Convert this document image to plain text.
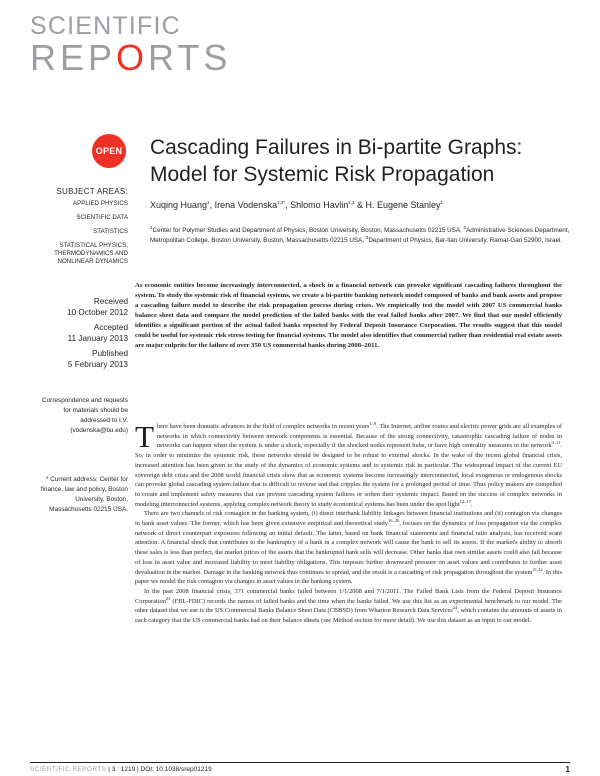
SCIENTIFIC
REPORTS
OPEN Cascading Failures in Bi-partite Graphs: Model for Systemic Risk Propagation
Xuqing Huang$^1$, Irena Vodenska$^{1,2*}$, Shlomo Havlin$^{1,3}$ & H. Eugene Stanley$^1$
$^1$Center for Polymer Studies and Department of Physics, Boston University, Boston, Massachusetts 02215 USA, $^2$Administrative Sciences Department, Metropolitan College, Boston University, Boston, Massachusetts 02215 USA, $^3$Department of Physics, Bar-Ilan University, Ramat-Gan 52900, Israel.
SUBJECT AREAS:
APPLIED PHYSICS
SCIENTIFIC DATA
STATISTICS
STATISTICAL PHYSICS, THERMODYNAMICS AND NONLINEAR DYNAMICS
Received
10 October 2012
Accepted
11 January 2013
Published
5 February 2013
Correspondence and requests for materials should be addressed to I.V. (vodenska@bu.edu)
* Current address: Center for finance, law and policy, Boston University, Boston, Massachusetts 02215 USA.

As economic entities become increasingly interconnected, a shock in a financial network can provoke significant cascading failures throughout the system. To study the systemic risk of financial systems, we create a bi-partite banking network model composed of banks and bank assets and propose a cascading failure model to describe the risk propagation process during crises. We empirically test the model with 2007 US commercial banks balance sheet data and compare the model prediction of the failed banks with the real failed banks after 2007. We find that our model efficiently identifies a significant portion of the actual failed banks reported by Federal Deposit Insurance Corporation. The results suggest that this model could be useful for systemic risk stress testing for financial systems. The model also identifies that commercial rather than residential real estate assets are major culprits for the failure of over 350 US commercial banks during 2008–2011.

There have been dramatic advances in the field of complex networks in recent years$^{1-9}$. The Internet, airline routes and electric power grids are all examples of networks in which connectivity between network components is essential. Because of the strong connectivity, catastrophic cascading failure of nodes in networks can happen when the system is under a shock, especially if the shocked nodes represent hubs, or have high centrality measures in the network$^{9-11}$. So, in order to minimize the systemic risk, these networks should be designed to be robust to external shocks. In the wake of the recent global financial crisis, increased attention has been given to the study of the dynamics of economic systems and to systemic risk in particular. The widespread impact of the current EU sovereign debt crisis and the 2008 world financial crisis show that as economic systems become increasingly interconnected, local exogenous or endogenous shocks can provoke global cascading system failure that is difficult to reverse and that cripples the system for a prolonged period of time. Thus policy makers are compelled to create and implement safety measures that can prevent cascading system failures or soften their systemic impact. Based on the success of complex networks in modeling interconnected systems, applying complex network theory to study economical systems has been under the spot light$^{12-17}$.

There are two channels of risk contagion in the banking system, (i) direct interbank liability linkages between financial institutions and (ii) contagion via changes in bank asset values. The former, which has been given extensive empirical and theoretical study$^{16-20}$, focuses on the dynamics of loss propagation via the complex network of direct counterpart exposures following an initial default. The latter, based on bank financial statements and financial ratio analysis, has received scant attention. A financial shock that contributes to the bankruptcy of a bank in a complex network will cause the bank to sell its assets. If the market's ability to absorb these sales is less than perfect, the market prices of the assets that the bankrupted bank sells will decrease. Other banks that own similar assets could also fail because of loss in asset value and increased liability to meet liability obligations. This imposes further downward pressure on asset values and contributes to further asset devaluation in the market. Damage in the banking network thus continues to spread, and the result is a cascading of risk propagation throughout the system$^{21,22}$. In this paper we model the risk contagion via changes in asset values in the banking system.

In the past 2008 financial crisis, 371 commercial banks failed between 1/1/2008 and 7/1/2011. The Failed Bank Lists from the Federal Deposit Insurance Corporation$^{23}$ (FBL-FDIC) records the names of failed banks and the time when the banks failed. We use this list as an experimental benchmark to our model. The other dataset that we use is the US Commercial Banks Balance Sheet Data (CBBSD) from Wharton Research Data Services$^{24}$, which contains the amounts of assets in each category that the US commercial banks had on their balance sheets (see Method section for more detail). We use this dataset as an input to our model.

SCIENTIFIC REPORTS | 3 : 1219 | DOI: 10.1038/srep01219	1
